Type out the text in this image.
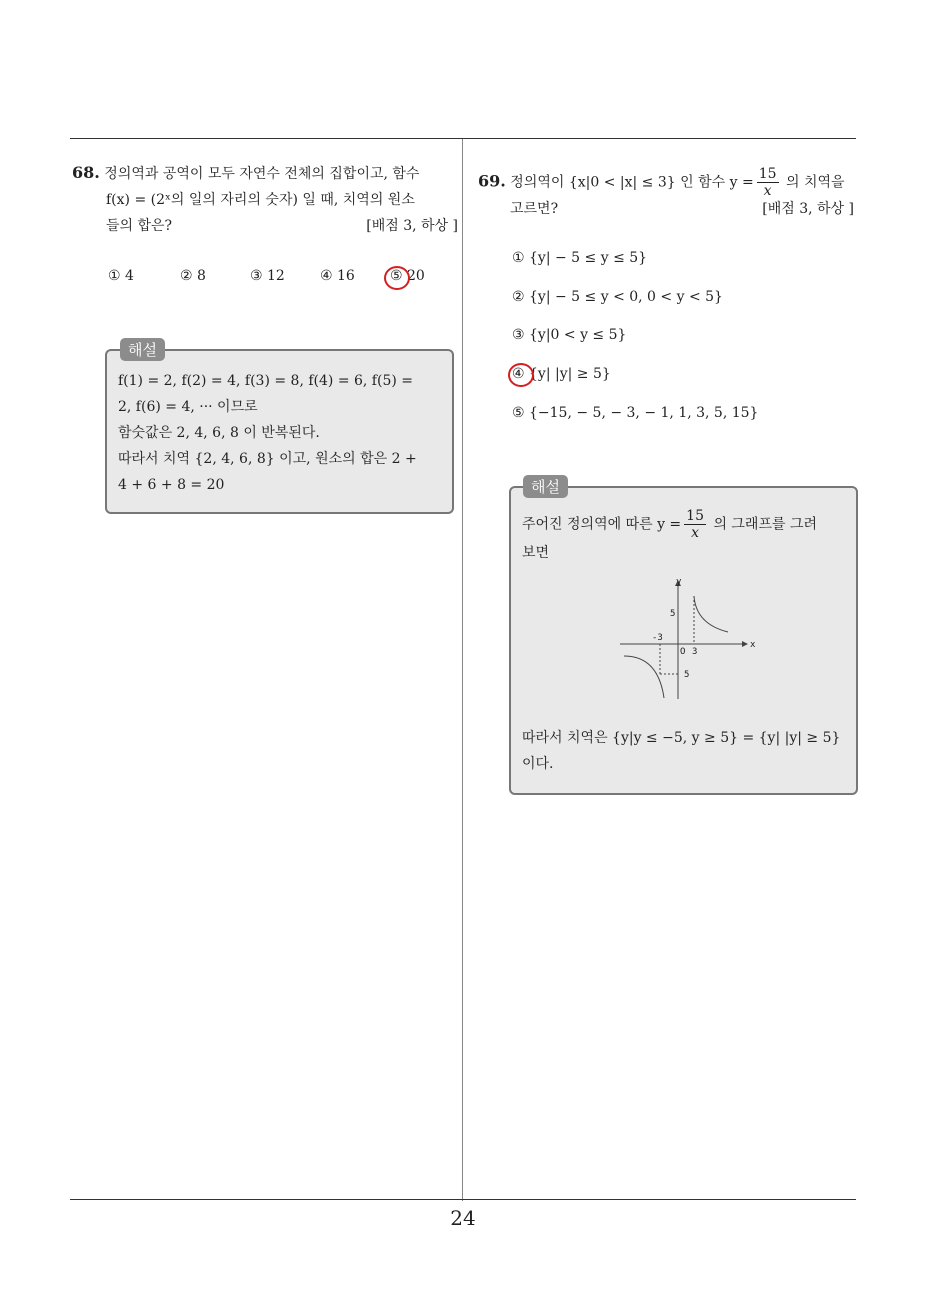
68. 정의역과 공역이 모두 자연수 전체의 집합이고, 함수
f(x) = (2ˣ의 일의 자리의 숫자) 일 때, 치역의 원소
들의 합은?	[배점 3, 하상 ]
① 4	② 8	③ 12	④ 16	⑤ 20
해설
f(1) = 2, f(2) = 4, f(3) = 8, f(4) = 6, f(5) =
2, f(6) = 4, ··· 이므로
함숫값은 2, 4, 6, 8 이 반복된다.
따라서 치역 {2, 4, 6, 8} 이고, 원소의 합은 2 +
4 + 6 + 8 = 20
69. 정의역이 {x|0 < |x| ≤ 3} 인 함수 $y = \frac{15}{x}$ 의 치역을
고르면?	[배점 3, 하상 ]
① {y| − 5 ≤ y ≤ 5}
② {y| − 5 ≤ y < 0, 0 < y < 5}
③ {y|0 < y ≤ 5}
④ {y| |y| ≥ 5}
⑤ {−15, − 5, − 3, − 1, 1, 3, 5, 15}
해설
주어진 정의역에 따른 $y = \frac{15}{x}$ 의 그래프를 그려
보면
y
x
5
-3
O 3
5
따라서 치역은 {y|y ≤ −5, y ≥ 5} = {y| |y| ≥ 5}
이다.
24
